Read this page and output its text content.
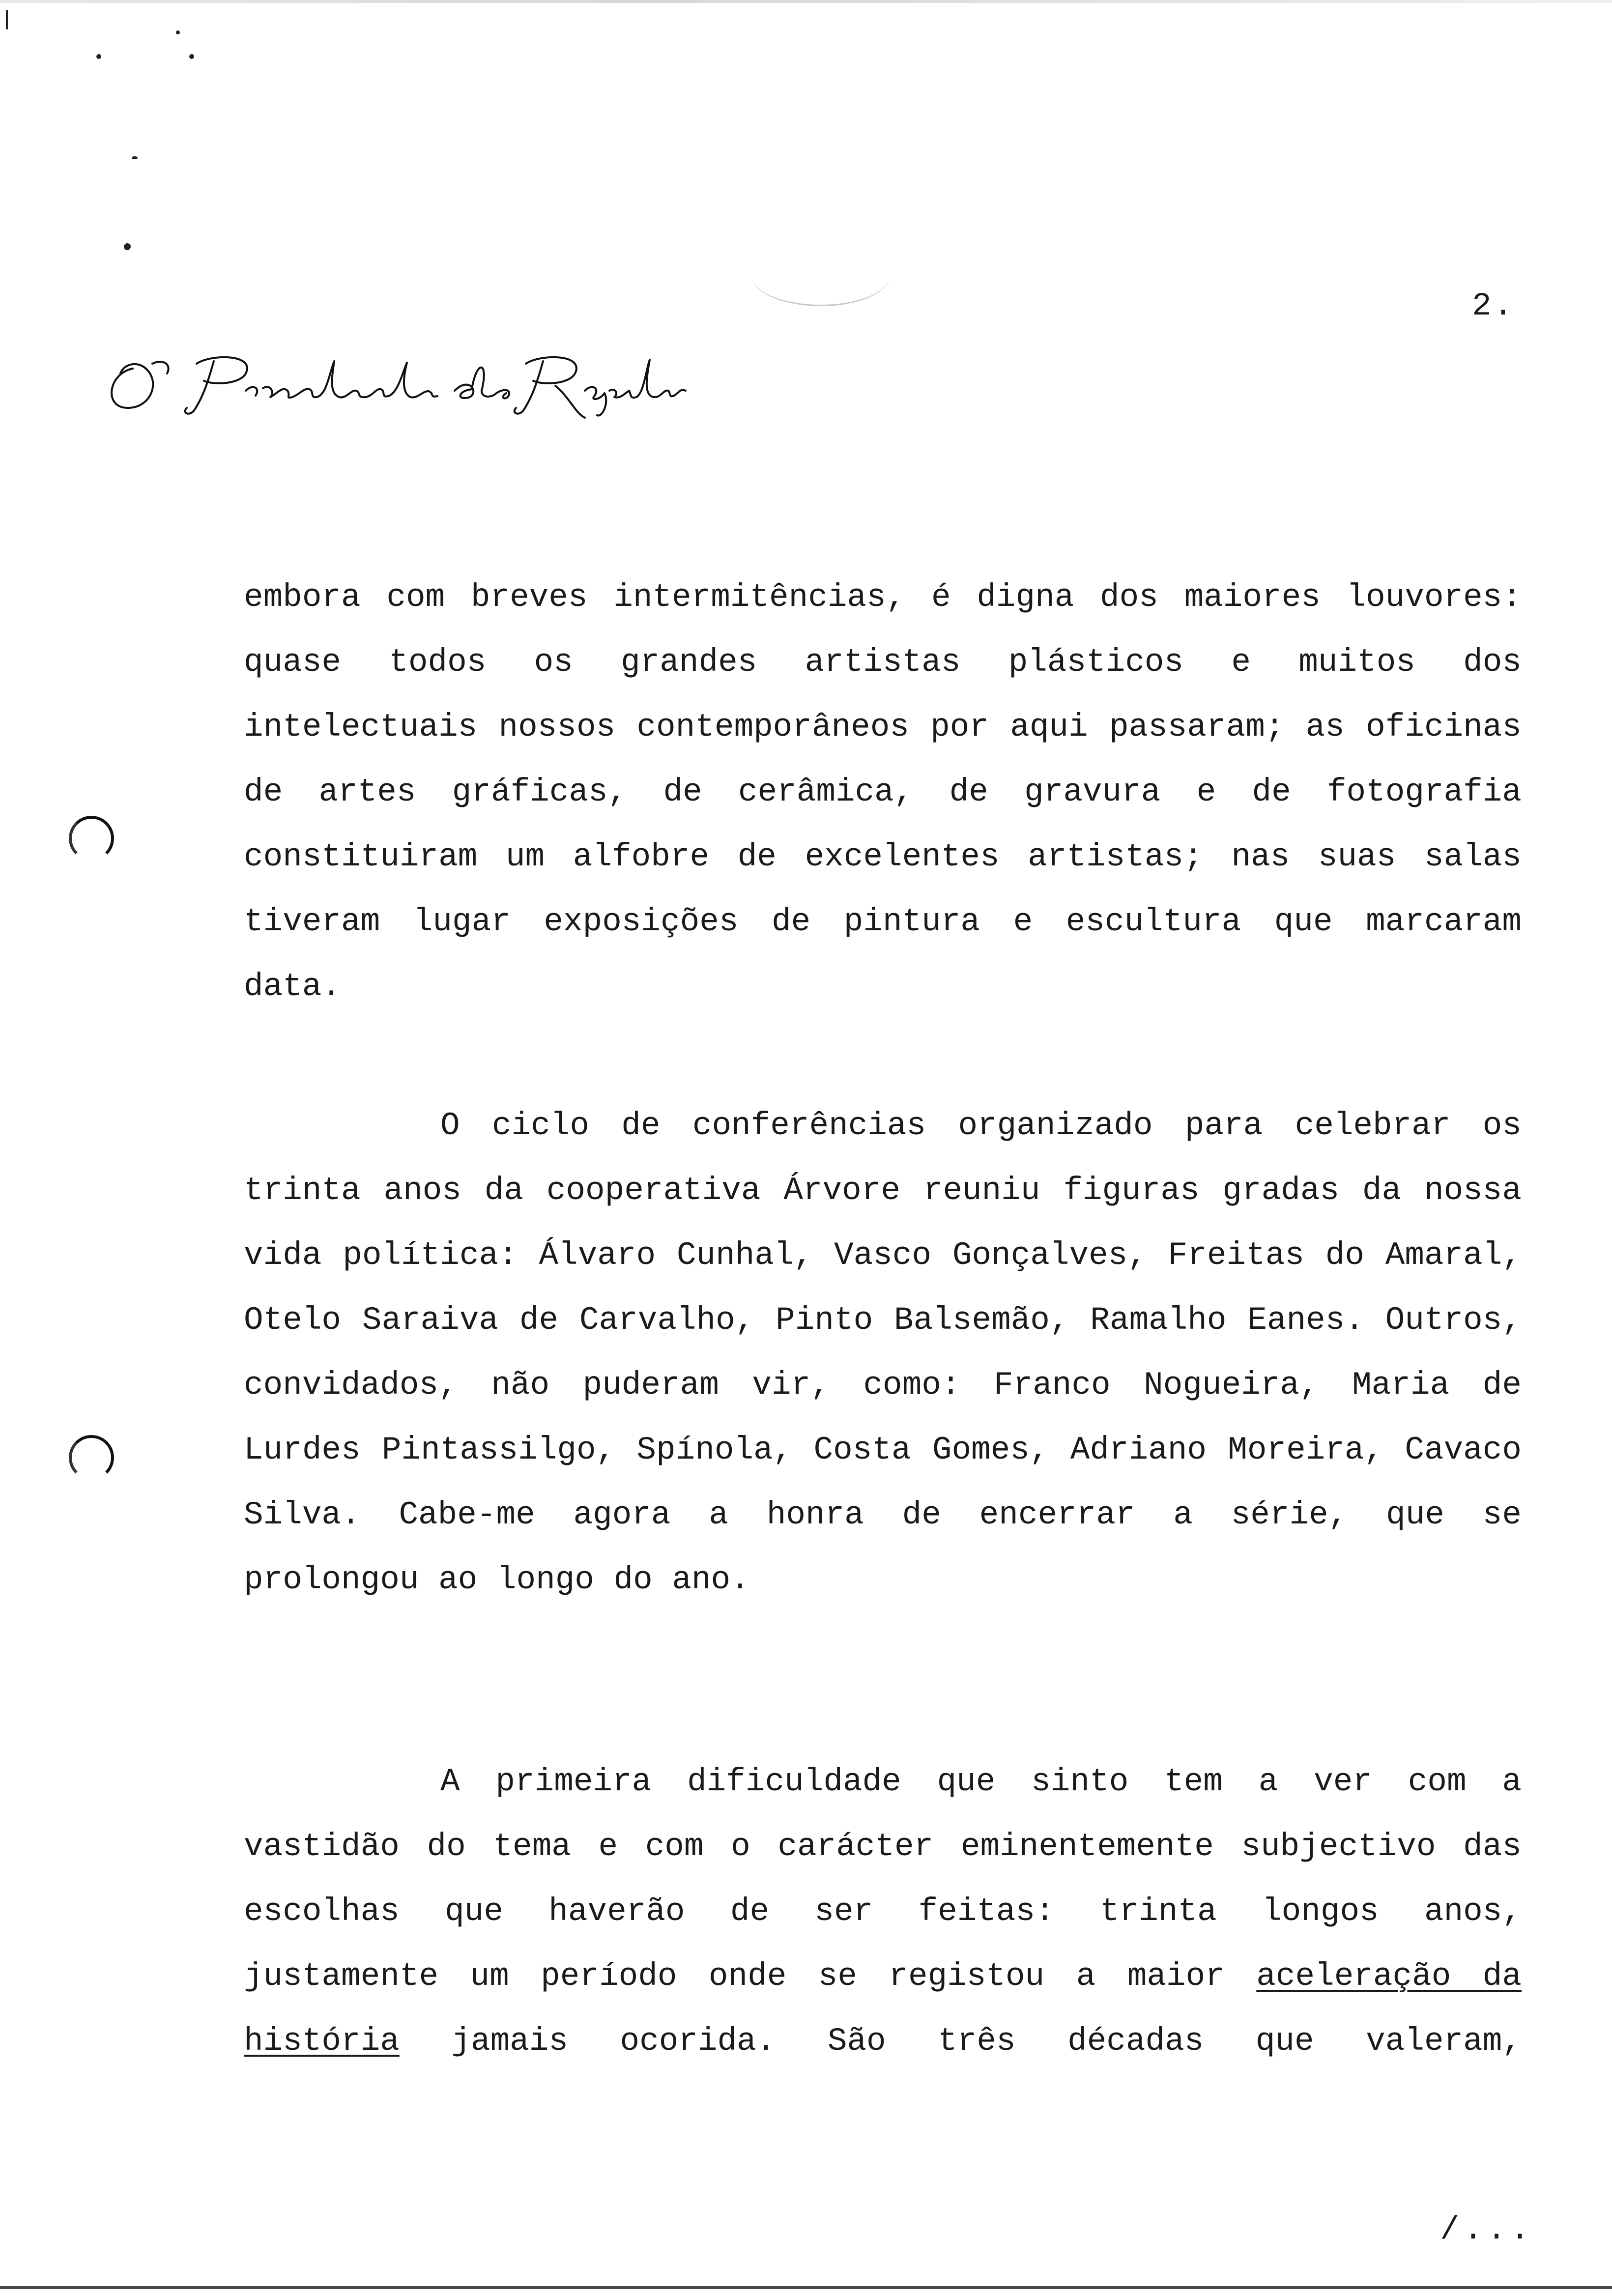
2.
embora com breves intermitências, é digna dos maiores louvores:
quase todos os grandes artistas plásticos e muitos dos
intelectuais nossos contemporâneos por aqui passaram; as oficinas
de artes gráficas, de cerâmica, de gravura e de fotografia
constituiram um alfobre de excelentes artistas; nas suas salas
tiveram lugar exposições de pintura e escultura que marcaram
data.
O ciclo de conferências organizado para celebrar os
trinta anos da cooperativa Árvore reuniu figuras gradas da nossa
vida política: Álvaro Cunhal, Vasco Gonçalves, Freitas do Amaral,
Otelo Saraiva de Carvalho, Pinto Balsemão, Ramalho Eanes. Outros,
convidados, não puderam vir, como: Franco Nogueira, Maria de
Lurdes Pintassilgo, Spínola, Costa Gomes, Adriano Moreira, Cavaco
Silva. Cabe-me agora a honra de encerrar a série, que se
prolongou ao longo do ano.
A primeira dificuldade que sinto tem a ver com a
vastidão do tema e com o carácter eminentemente subjectivo das
escolhas que haverão de ser feitas: trinta longos anos,
justamente um período onde se registou a maior aceleração da
história jamais ocorida. São três décadas que valeram,
/...
